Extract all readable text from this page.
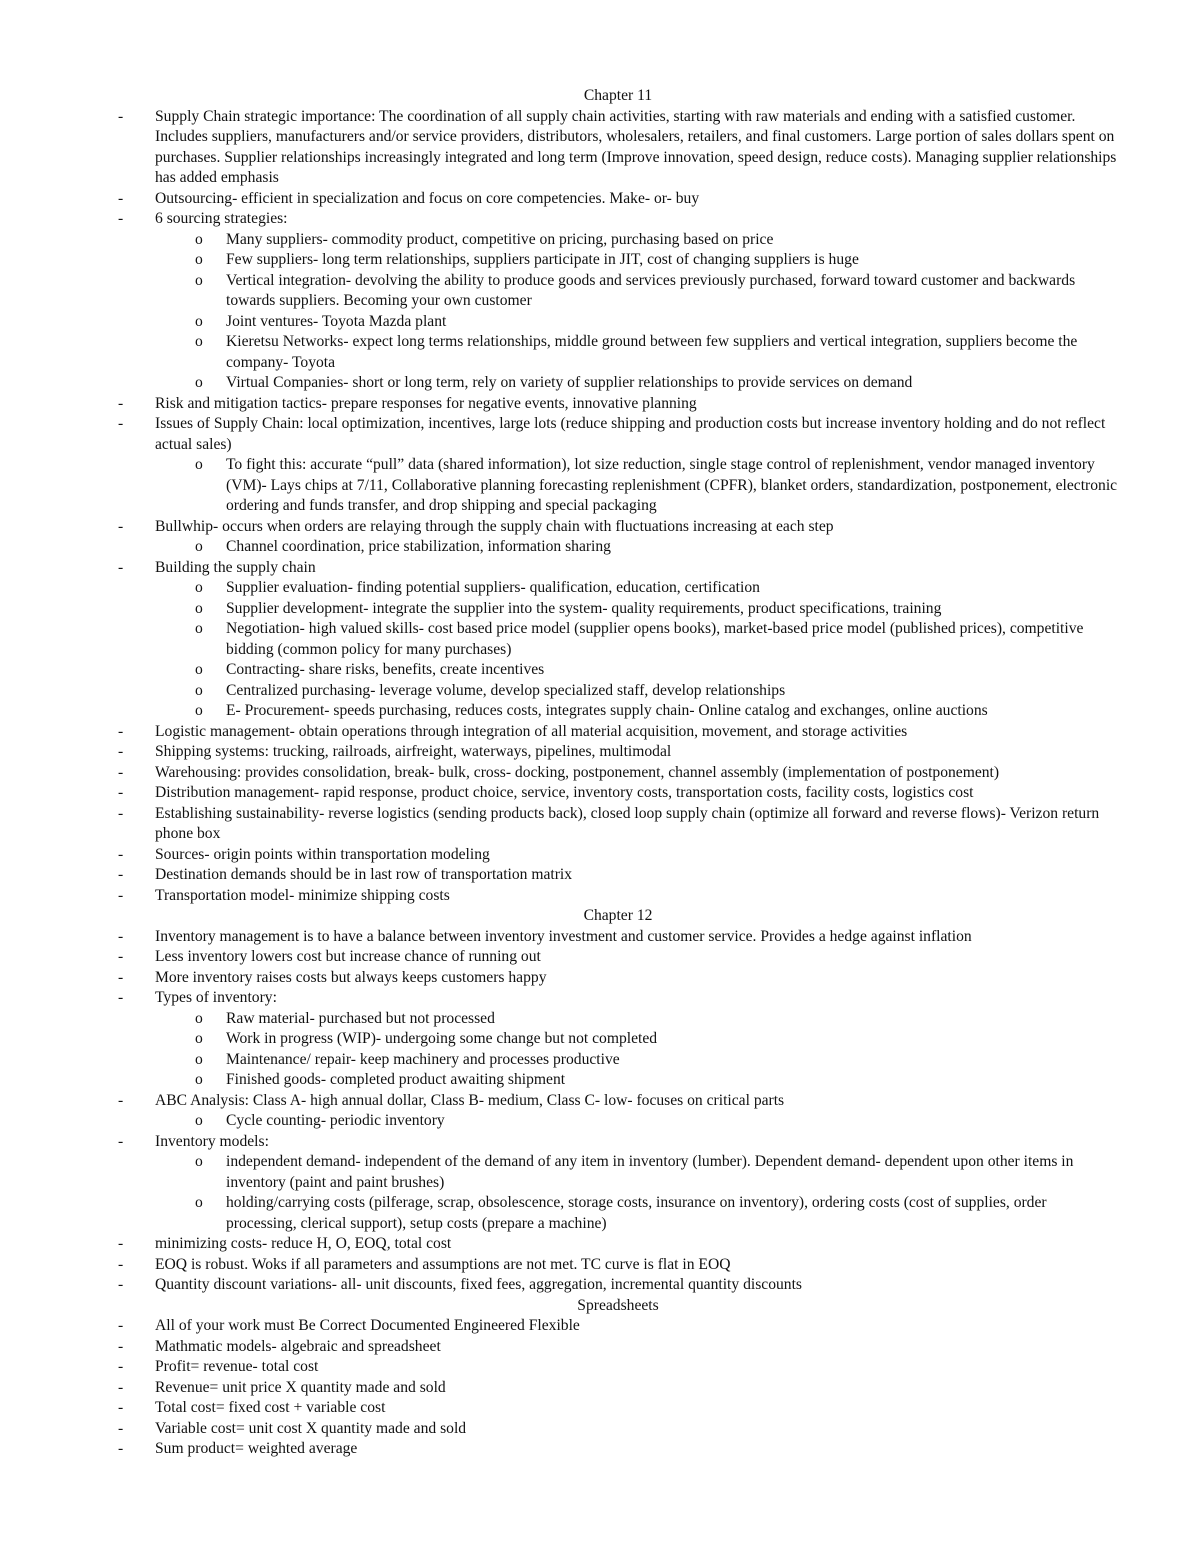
Chapter 11
- Supply Chain strategic importance: The coordination of all supply chain activities, starting with raw materials and ending with a satisfied customer. Includes suppliers, manufacturers and/or service providers, distributors, wholesalers, retailers, and final customers. Large portion of sales dollars spent on purchases. Supplier relationships increasingly integrated and long term (Improve innovation, speed design, reduce costs). Managing supplier relationships has added emphasis
- Outsourcing- efficient in specialization and focus on core competencies. Make- or- buy
- 6 sourcing strategies:
o Many suppliers- commodity product, competitive on pricing, purchasing based on price
o Few suppliers- long term relationships, suppliers participate in JIT, cost of changing suppliers is huge
o Vertical integration- devolving the ability to produce goods and services previously purchased, forward toward customer and backwards towards suppliers. Becoming your own customer
o Joint ventures- Toyota Mazda plant
o Kieretsu Networks- expect long terms relationships, middle ground between few suppliers and vertical integration, suppliers become the company- Toyota
o Virtual Companies- short or long term, rely on variety of supplier relationships to provide services on demand
- Risk and mitigation tactics- prepare responses for negative events, innovative planning
- Issues of Supply Chain: local optimization, incentives, large lots (reduce shipping and production costs but increase inventory holding and do not reflect actual sales)
o To fight this: accurate “pull” data (shared information), lot size reduction, single stage control of replenishment, vendor managed inventory (VM)- Lays chips at 7/11, Collaborative planning forecasting replenishment (CPFR), blanket orders, standardization, postponement, electronic ordering and funds transfer, and drop shipping and special packaging
- Bullwhip- occurs when orders are relaying through the supply chain with fluctuations increasing at each step
o Channel coordination, price stabilization, information sharing
- Building the supply chain
o Supplier evaluation- finding potential suppliers- qualification, education, certification
o Supplier development- integrate the supplier into the system- quality requirements, product specifications, training
o Negotiation- high valued skills- cost based price model (supplier opens books), market-based price model (published prices), competitive bidding (common policy for many purchases)
o Contracting- share risks, benefits, create incentives
o Centralized purchasing- leverage volume, develop specialized staff, develop relationships
o E- Procurement- speeds purchasing, reduces costs, integrates supply chain- Online catalog and exchanges, online auctions
- Logistic management- obtain operations through integration of all material acquisition, movement, and storage activities
- Shipping systems: trucking, railroads, airfreight, waterways, pipelines, multimodal
- Warehousing: provides consolidation, break- bulk, cross- docking, postponement, channel assembly (implementation of postponement)
- Distribution management- rapid response, product choice, service, inventory costs, transportation costs, facility costs, logistics cost
- Establishing sustainability- reverse logistics (sending products back), closed loop supply chain (optimize all forward and reverse flows)- Verizon return phone box
- Sources- origin points within transportation modeling
- Destination demands should be in last row of transportation matrix
- Transportation model- minimize shipping costs
Chapter 12
- Inventory management is to have a balance between inventory investment and customer service. Provides a hedge against inflation
- Less inventory lowers cost but increase chance of running out
- More inventory raises costs but always keeps customers happy
- Types of inventory:
o Raw material- purchased but not processed
o Work in progress (WIP)- undergoing some change but not completed
o Maintenance/ repair- keep machinery and processes productive
o Finished goods- completed product awaiting shipment
- ABC Analysis: Class A- high annual dollar, Class B- medium, Class C- low- focuses on critical parts
o Cycle counting- periodic inventory
- Inventory models:
o independent demand- independent of the demand of any item in inventory (lumber). Dependent demand- dependent upon other items in inventory (paint and paint brushes)
o holding/carrying costs (pilferage, scrap, obsolescence, storage costs, insurance on inventory), ordering costs (cost of supplies, order processing, clerical support), setup costs (prepare a machine)
- minimizing costs- reduce H, O, EOQ, total cost
- EOQ is robust. Woks if all parameters and assumptions are not met. TC curve is flat in EOQ
- Quantity discount variations- all- unit discounts, fixed fees, aggregation, incremental quantity discounts
Spreadsheets
- All of your work must Be Correct Documented Engineered Flexible
- Mathmatic models- algebraic and spreadsheet
- Profit= revenue- total cost
- Revenue= unit price X quantity made and sold
- Total cost= fixed cost + variable cost
- Variable cost= unit cost X quantity made and sold
- Sum product= weighted average
